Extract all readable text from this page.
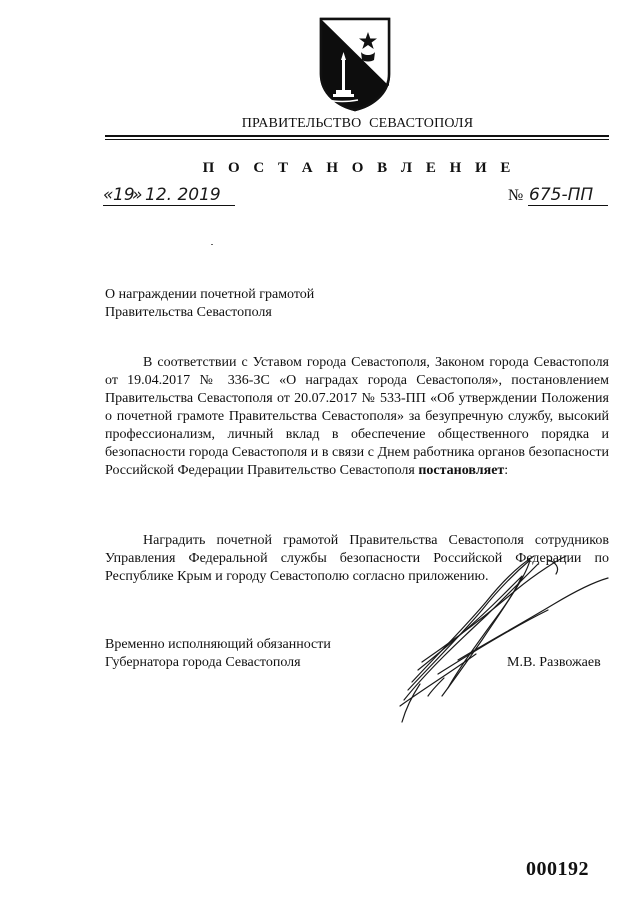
ПРАВИТЕЛЬСТВО СЕВАСТОПОЛЯ
П О С Т А Н О В Л Е Н И Е
« 19
» 12. 2019	№ 675-ПП
О награждении почетной грамотой
Правительства Севастополя
В соответствии с Уставом города Севастополя, Законом города Севастополя от 19.04.2017 № 336-ЗС «О наградах города Севастополя», постановлением Правительства Севастополя от 20.07.2017 № 533-ПП «Об утверждении Положения о почетной грамоте Правительства Севастополя» за безупречную службу, высокий профессионализм, личный вклад в обеспечение общественного порядка и безопасности города Севастополя и в связи с Днем работника органов безопасности Российской Федерации Правительство Севастополя постановляет:
Наградить почетной грамотой Правительства Севастополя сотрудников Управления Федеральной службы безопасности Российской Федерации по Республике Крым и городу Севастополю согласно приложению.
Временно исполняющий обязанности
Губернатора города Севастополя	М.В. Развожаев
000192
